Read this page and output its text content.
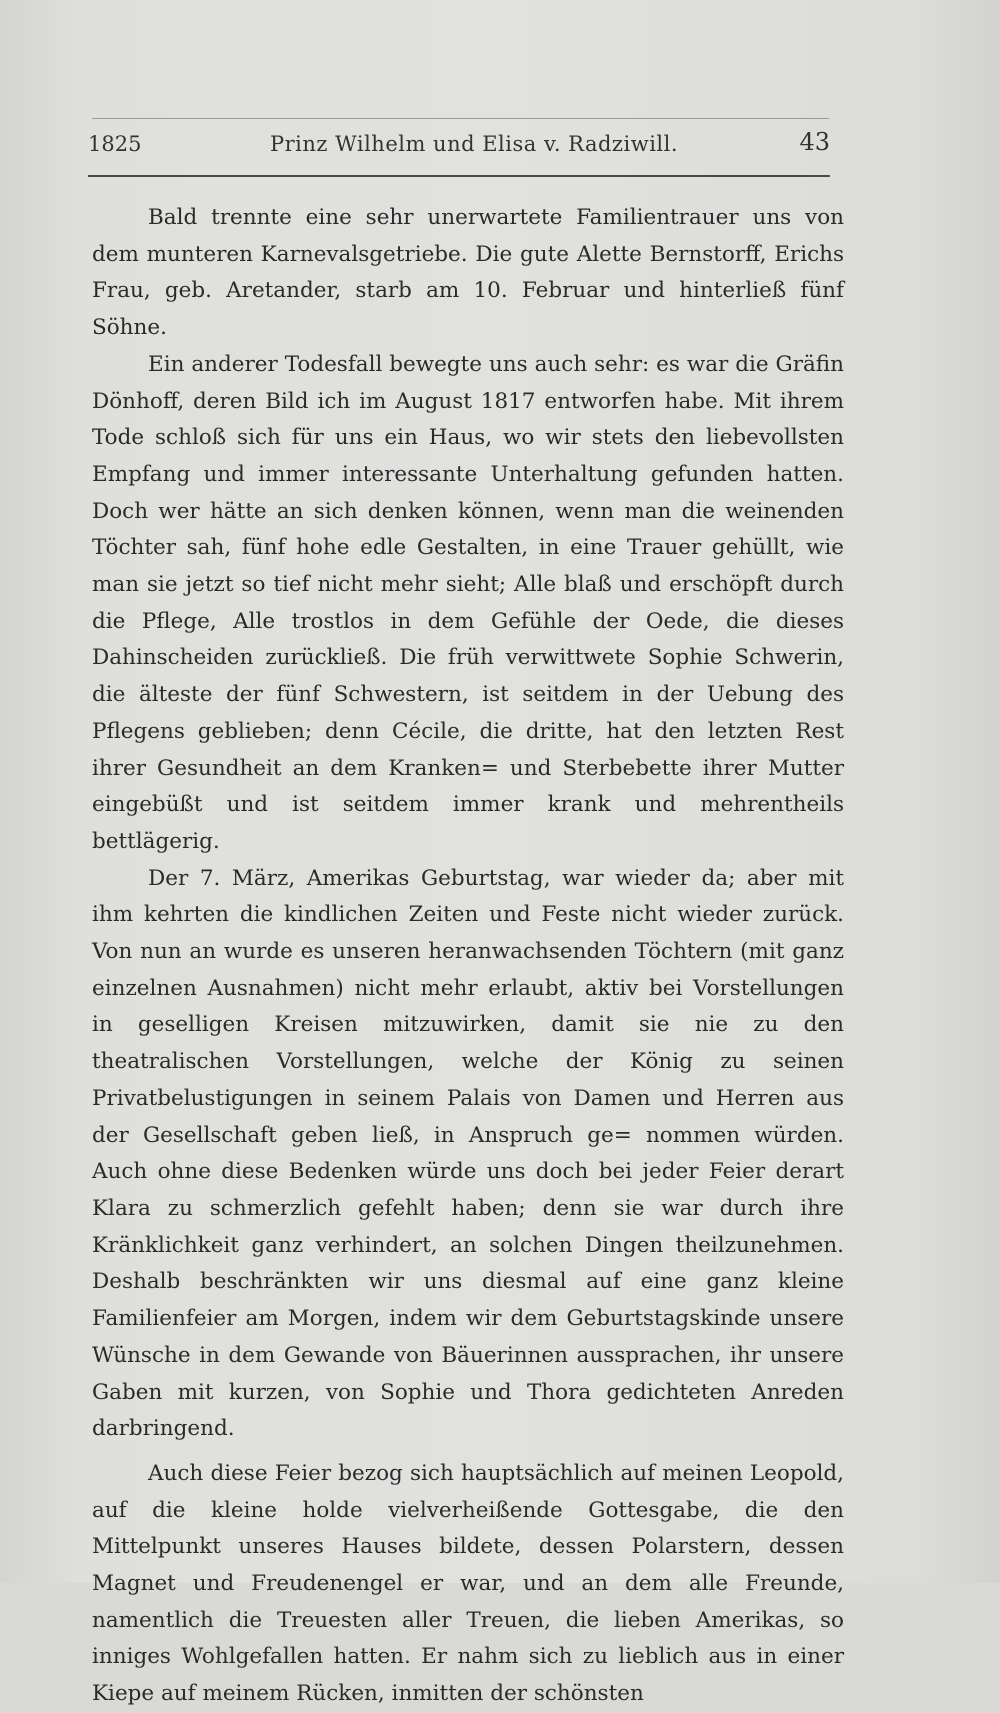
1825	Prinz Wilhelm und Elisa v. Radziwill.	43

Bald trennte eine sehr unerwartete Familientrauer uns von dem munteren Karnevalsgetriebe. Die gute Alette Bernstorff, Erichs Frau, geb. Aretander, starb am 10. Februar und hinterließ fünf Söhne.

Ein anderer Todesfall bewegte uns auch sehr: es war die Gräfin Dönhoff, deren Bild ich im August 1817 entworfen habe. Mit ihrem Tode schloß sich für uns ein Haus, wo wir stets den liebevollsten Empfang und immer interessante Unterhaltung gefunden hatten. Doch wer hätte an sich denken können, wenn man die weinenden Töchter sah, fünf hohe edle Gestalten, in eine Trauer gehüllt, wie man sie jetzt so tief nicht mehr sieht; Alle blaß und erschöpft durch die Pflege, Alle trostlos in dem Gefühle der Oede, die dieses Dahinscheiden zurückließ. Die früh verwittwete Sophie Schwerin, die älteste der fünf Schwestern, ist seitdem in der Uebung des Pflegens geblieben; denn Cécile, die dritte, hat den letzten Rest ihrer Gesundheit an dem Kranken= und Sterbebette ihrer Mutter eingebüßt und ist seitdem immer krank und mehrentheils bettlägerig.

Der 7. März, Amerikas Geburtstag, war wieder da; aber mit ihm kehrten die kindlichen Zeiten und Feste nicht wieder zurück. Von nun an wurde es unseren heranwachsenden Töchtern (mit ganz einzelnen Ausnahmen) nicht mehr erlaubt, aktiv bei Vorstellungen in geselligen Kreisen mitzuwirken, damit sie nie zu den theatralischen Vorstellungen, welche der König zu seinen Privatbelustigungen in seinem Palais von Damen und Herren aus der Gesellschaft geben ließ, in Anspruch ge= nommen würden. Auch ohne diese Bedenken würde uns doch bei jeder Feier derart Klara zu schmerzlich gefehlt haben; denn sie war durch ihre Kränklichkeit ganz verhindert, an solchen Dingen theilzunehmen. Deshalb beschränkten wir uns diesmal auf eine ganz kleine Familienfeier am Morgen, indem wir dem Geburtstagskinde unsere Wünsche in dem Gewande von Bäuerinnen aussprachen, ihr unsere Gaben mit kurzen, von Sophie und Thora gedichteten Anreden darbringend.

Auch diese Feier bezog sich hauptsächlich auf meinen Leopold, auf die kleine holde vielverheißende Gottesgabe, die den Mittelpunkt unseres Hauses bildete, dessen Polarstern, dessen Magnet und Freudenengel er war, und an dem alle Freunde, namentlich die Treuesten aller Treuen, die lieben Amerikas, so inniges Wohlgefallen hatten. Er nahm sich zu lieblich aus in einer Kiepe auf meinem Rücken, inmitten der schönsten
